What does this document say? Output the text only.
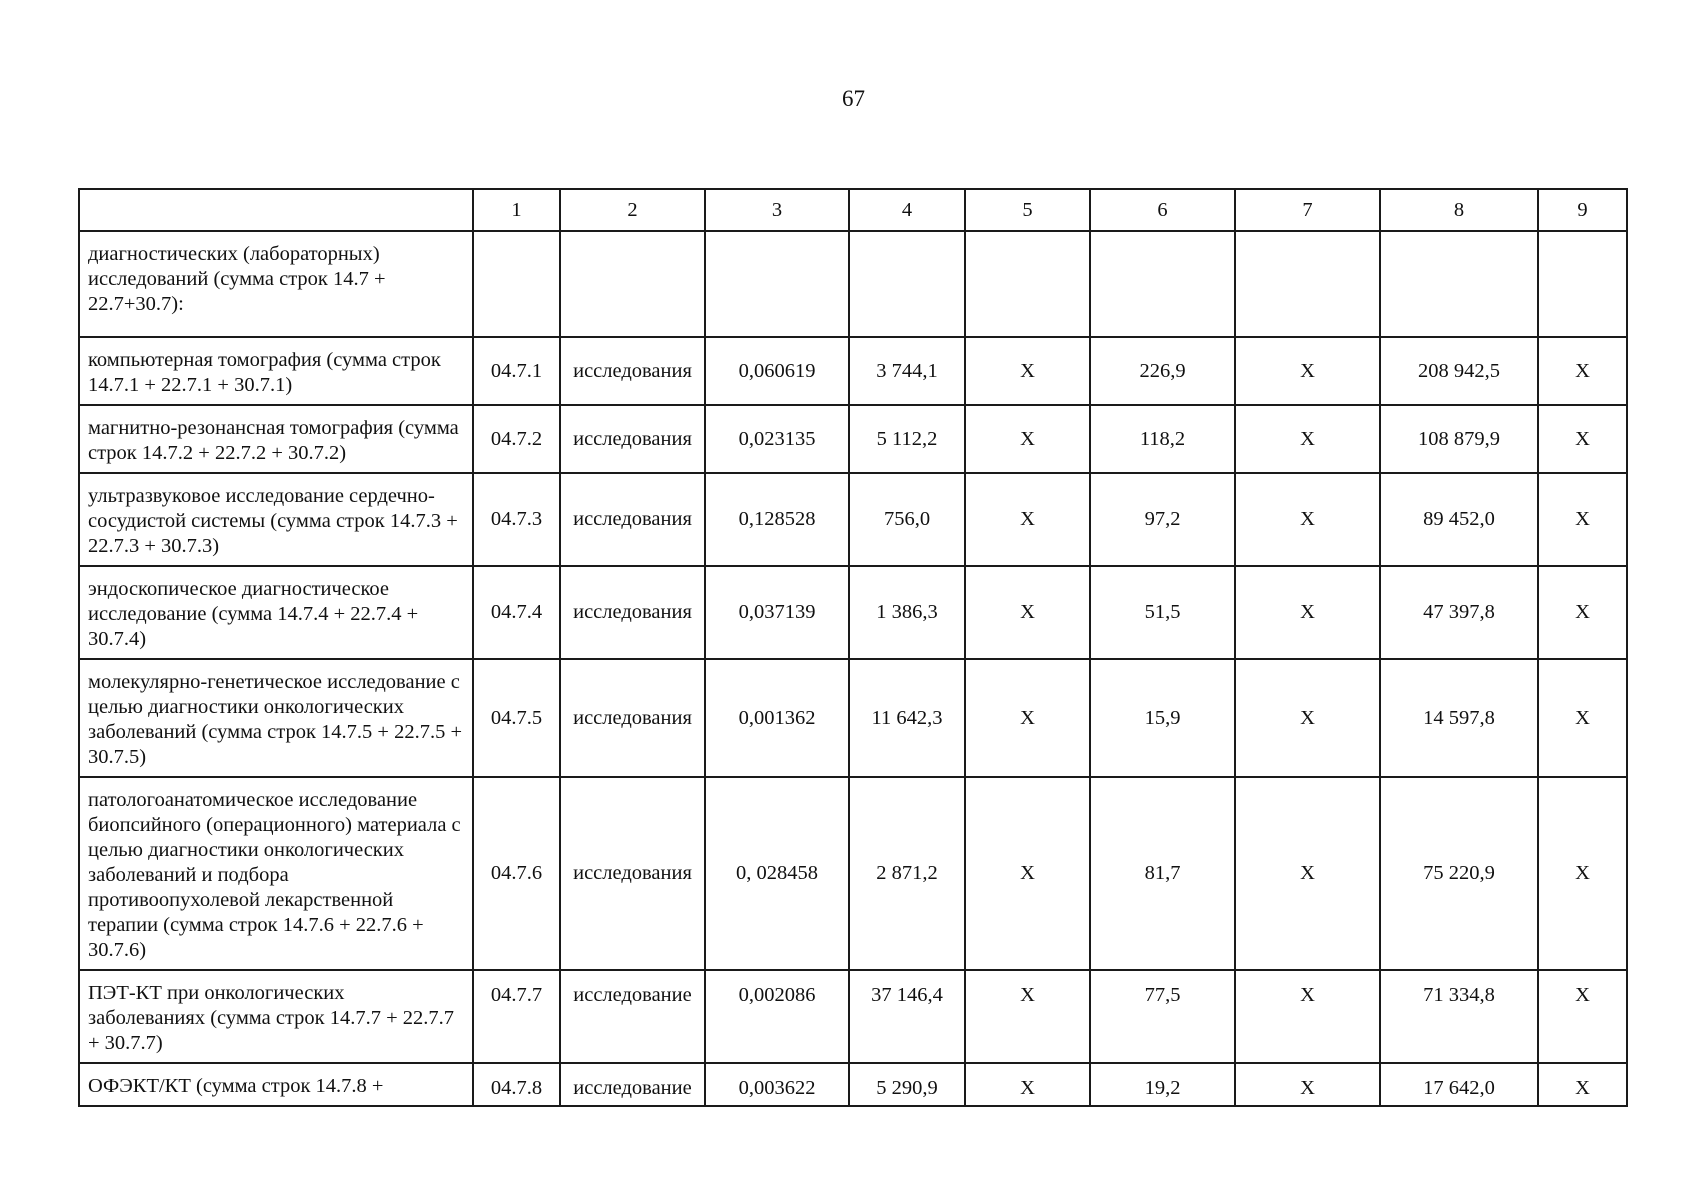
67
	1	2	3	4	5	6	7	8	9
диагностических (лабораторных) исследований (сумма строк 14.7 + 22.7+30.7):									
компьютерная томография (сумма строк 14.7.1 + 22.7.1 + 30.7.1)	04.7.1	исследования	0,060619	3 744,1	X	226,9	X	208 942,5	X
магнитно-резонансная томография (сумма строк 14.7.2 + 22.7.2 + 30.7.2)	04.7.2	исследования	0,023135	5 112,2	X	118,2	X	108 879,9	X
ультразвуковое исследование сердечно-сосудистой системы (сумма строк 14.7.3 + 22.7.3 + 30.7.3)	04.7.3	исследования	0,128528	756,0	X	97,2	X	89 452,0	X
эндоскопическое диагностическое исследование (сумма 14.7.4 + 22.7.4 + 30.7.4)	04.7.4	исследования	0,037139	1 386,3	X	51,5	X	47 397,8	X
молекулярно-генетическое исследование с целью диагностики онкологических заболеваний (сумма строк 14.7.5 + 22.7.5 + 30.7.5)	04.7.5	исследования	0,001362	11 642,3	X	15,9	X	14 597,8	X
патологоанатомическое исследование биопсийного (операционного) материала с целью диагностики онкологических заболеваний и подбора противоопухолевой лекарственной терапии (сумма строк 14.7.6 + 22.7.6 + 30.7.6)	04.7.6	исследования	0, 028458	2 871,2	X	81,7	X	75 220,9	X
ПЭТ-КТ при онкологических заболеваниях (сумма строк 14.7.7 + 22.7.7 + 30.7.7)	04.7.7	исследование	0,002086	37 146,4	X	77,5	X	71 334,8	X
ОФЭКТ/КТ (сумма строк 14.7.8 +	04.7.8	исследование	0,003622	5 290,9	X	19,2	X	17 642,0	X
